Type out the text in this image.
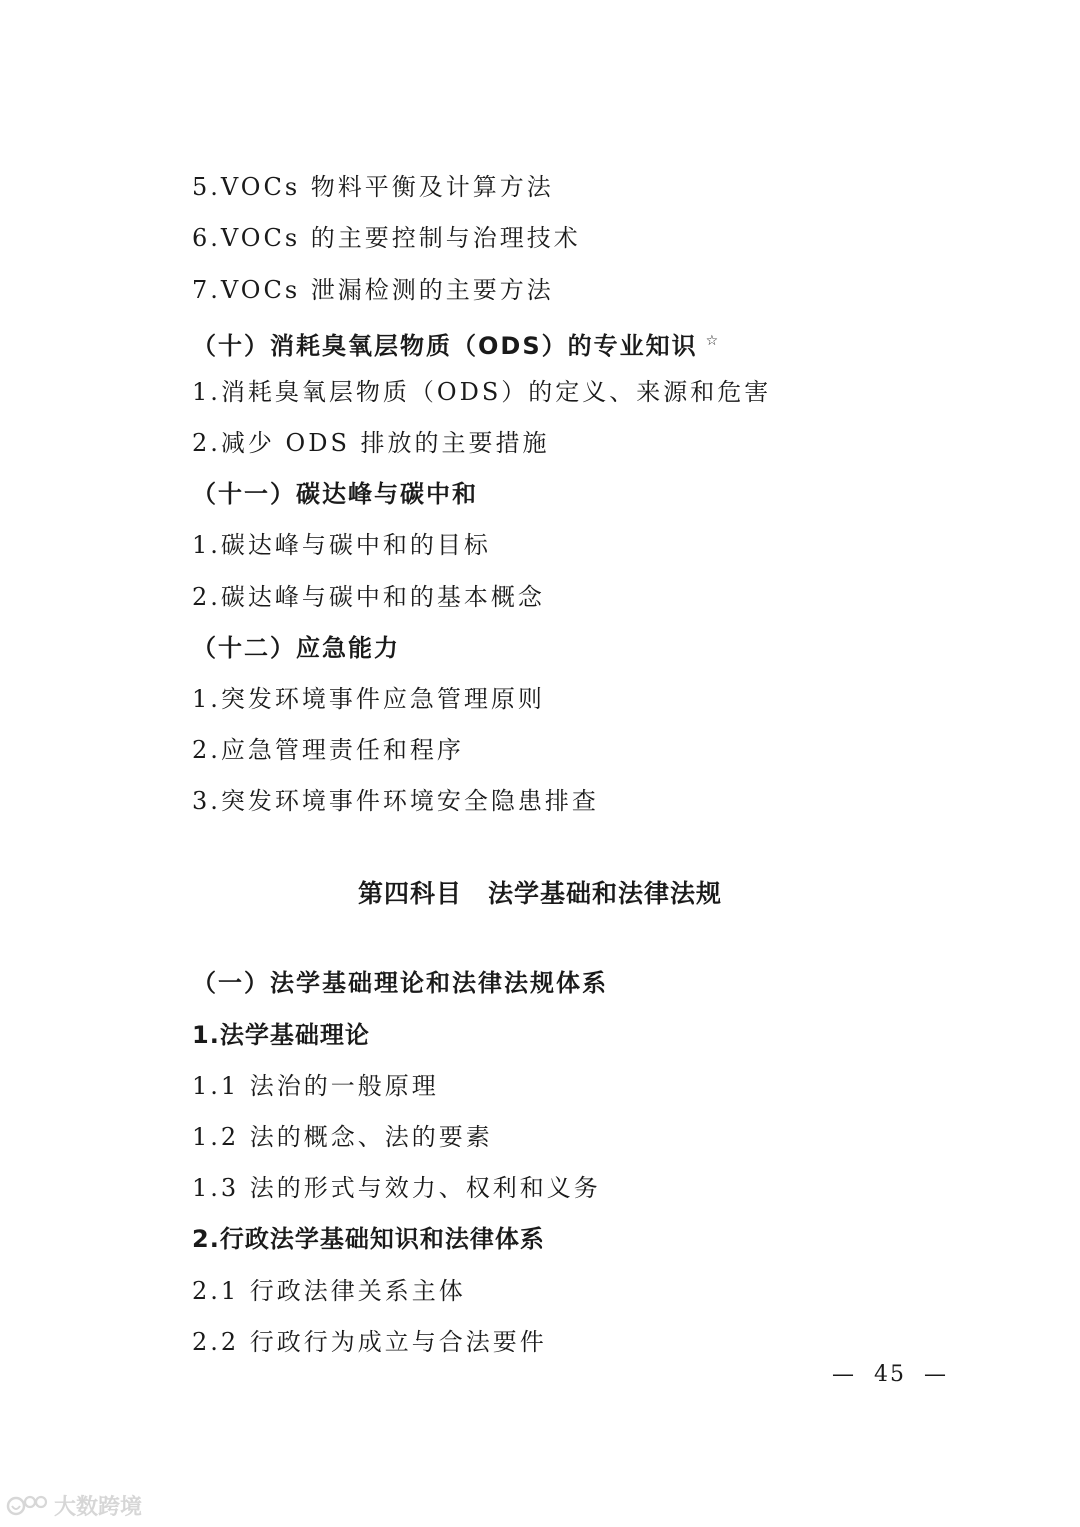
5.VOCs 物料平衡及计算方法
6.VOCs 的主要控制与治理技术
7.VOCs 泄漏检测的主要方法
（十）消耗臭氧层物质（ODS）的专业知识 ☆
1.消耗臭氧层物质（ODS）的定义、来源和危害
2.减少 ODS 排放的主要措施
（十一）碳达峰与碳中和
1.碳达峰与碳中和的目标
2.碳达峰与碳中和的基本概念
（十二）应急能力
1.突发环境事件应急管理原则
2.应急管理责任和程序
3.突发环境事件环境安全隐患排查
第四科目　法学基础和法律法规
（一）法学基础理论和法律法规体系
1.法学基础理论
1.1 法治的一般原理
1.2 法的概念、法的要素
1.3 法的形式与效力、权利和义务
2.行政法学基础知识和法律体系
2.1 行政法律关系主体
2.2 行政行为成立与合法要件
—  45  —
大数跨境
